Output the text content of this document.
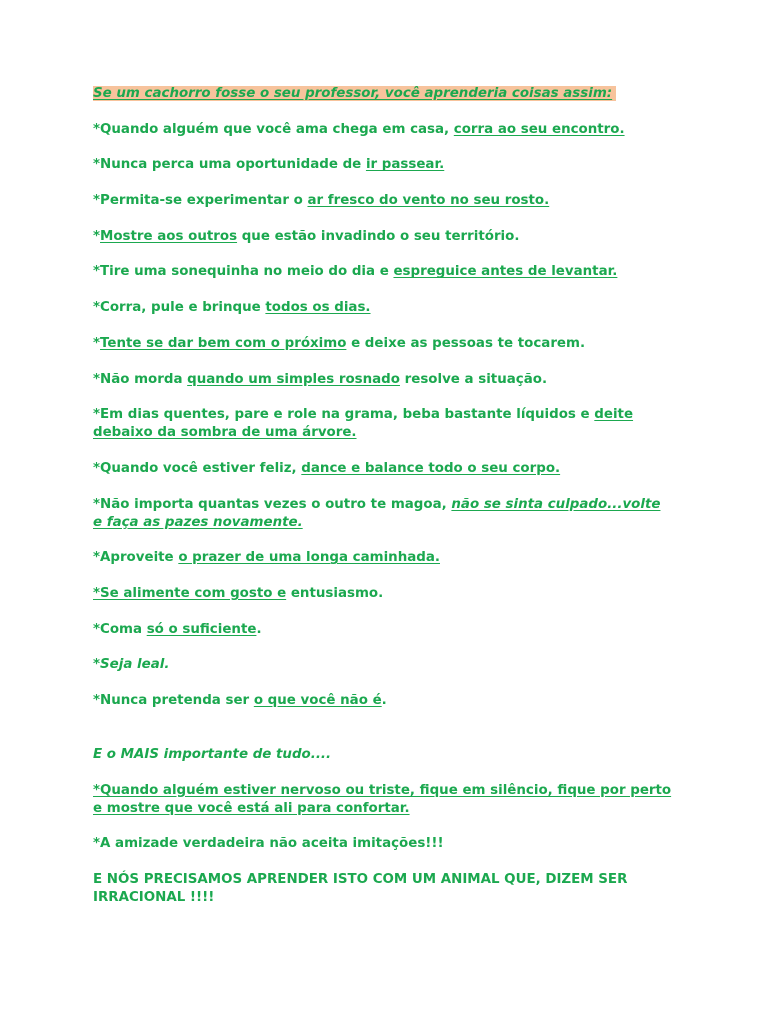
Se um cachorro fosse o seu professor, você aprenderia coisas assim:

*Quando alguém que você ama chega em casa, corra ao seu encontro.

*Nunca perca uma oportunidade de ir passear.

*Permita-se experimentar o ar fresco do vento no seu rosto.

*Mostre aos outros que estão invadindo o seu território.

*Tire uma sonequinha no meio do dia e espreguice antes de levantar.

*Corra, pule e brinque todos os dias.

*Tente se dar bem com o próximo e deixe as pessoas te tocarem.

*Não morda quando um simples rosnado resolve a situação.

*Em dias quentes, pare e role na grama, beba bastante líquidos e deite debaixo da sombra de uma árvore.

*Quando você estiver feliz, dance e balance todo o seu corpo.

*Não importa quantas vezes o outro te magoa, não se sinta culpado...volte e faça as pazes novamente.

*Aproveite o prazer de uma longa caminhada.

*Se alimente com gosto e entusiasmo.

*Coma só o suficiente.

*Seja leal.

*Nunca pretenda ser o que você não é.

E o MAIS importante de tudo....

*Quando alguém estiver nervoso ou triste, fique em silêncio, fique por perto e mostre que você está ali para confortar.

*A amizade verdadeira não aceita imitações!!!

E NÓS PRECISAMOS APRENDER ISTO COM UM ANIMAL QUE, DIZEM SER IRRACIONAL !!!!
